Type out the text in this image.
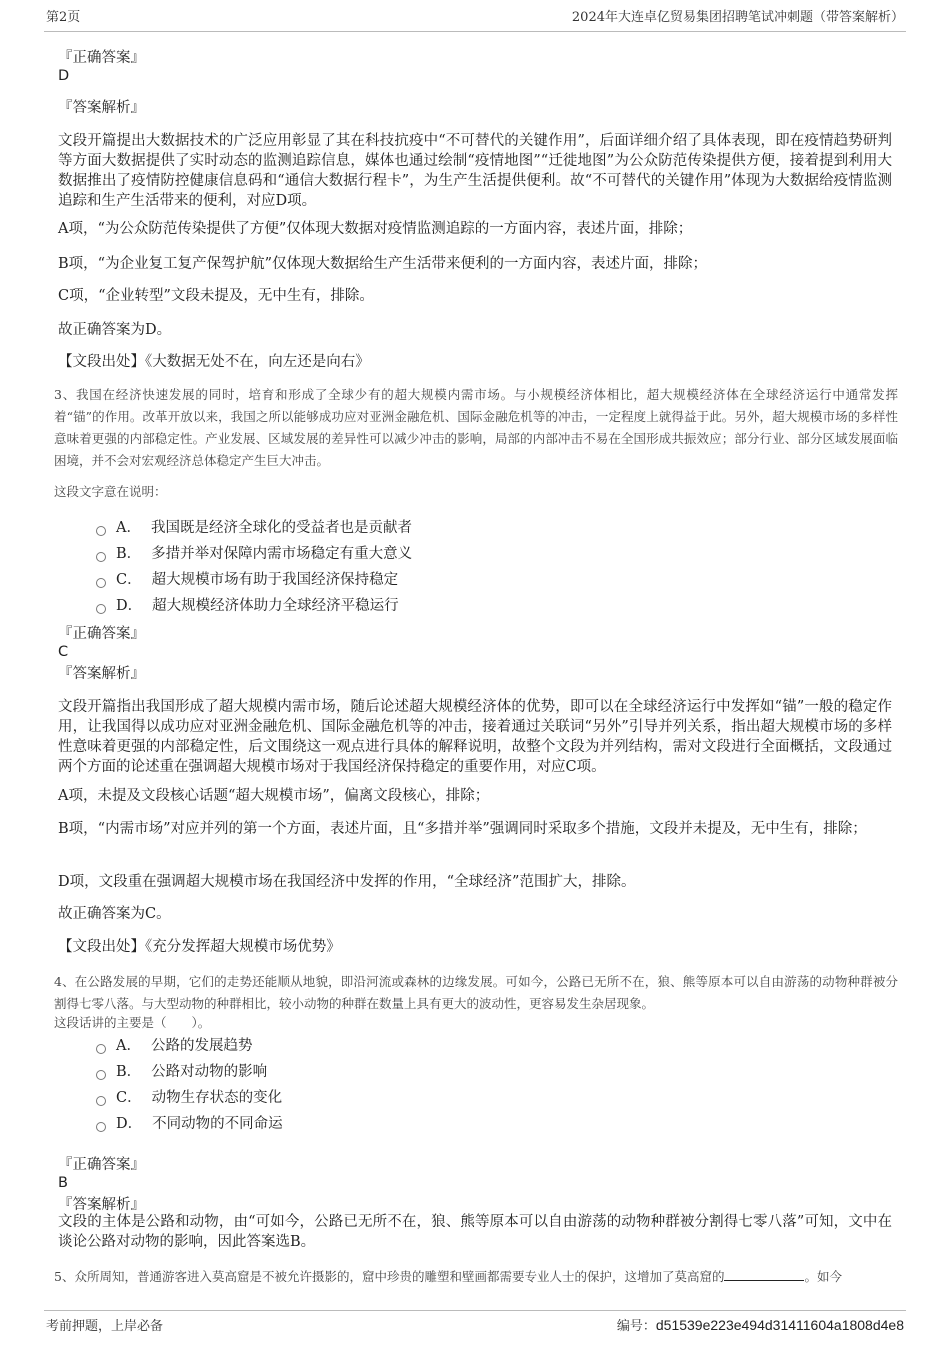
第2页	2024年大连卓亿贸易集团招聘笔试冲刺题（带答案解析）
『正确答案』
D
『答案解析』
文段开篇提出大数据技术的广泛应用彰显了其在科技抗疫中“不可替代的关键作用”，后面详细介绍了具体表现，即在疫情趋势研判等方面大数据提供了实时动态的监测追踪信息，媒体也通过绘制“疫情地图”“迁徙地图”为公众防范传染提供方便，接着提到利用大数据推出了疫情防控健康信息码和“通信大数据行程卡”，为生产生活提供便利。故“不可替代的关键作用”体现为大数据给疫情监测追踪和生产生活带来的便利，对应D项。
A项，“为公众防范传染提供了方便”仅体现大数据对疫情监测追踪的一方面内容，表述片面，排除；
B项，“为企业复工复产保驾护航”仅体现大数据给生产生活带来便利的一方面内容，表述片面，排除；
C项，“企业转型”文段未提及，无中生有，排除。
故正确答案为D。
【文段出处】《大数据无处不在，向左还是向右》
3、我国在经济快速发展的同时，培育和形成了全球少有的超大规模内需市场。与小规模经济体相比，超大规模经济体在全球经济运行中通常发挥着“锚”的作用。改革开放以来，我国之所以能够成功应对亚洲金融危机、国际金融危机等的冲击，一定程度上就得益于此。另外，超大规模市场的多样性意味着更强的内部稳定性。产业发展、区域发展的差异性可以减少冲击的影响，局部的内部冲击不易在全国形成共振效应；部分行业、部分区域发展面临困境，并不会对宏观经济总体稳定产生巨大冲击。
这段文字意在说明：
A． 我国既是经济全球化的受益者也是贡献者
B． 多措并举对保障内需市场稳定有重大意义
C． 超大规模市场有助于我国经济保持稳定
D． 超大规模经济体助力全球经济平稳运行
『正确答案』
C
『答案解析』
文段开篇指出我国形成了超大规模内需市场，随后论述超大规模经济体的优势，即可以在全球经济运行中发挥如“锚”一般的稳定作用，让我国得以成功应对亚洲金融危机、国际金融危机等的冲击，接着通过关联词“另外”引导并列关系，指出超大规模市场的多样性意味着更强的内部稳定性，后文围绕这一观点进行具体的解释说明，故整个文段为并列结构，需对文段进行全面概括，文段通过两个方面的论述重在强调超大规模市场对于我国经济保持稳定的重要作用，对应C项。
A项，未提及文段核心话题“超大规模市场”，偏离文段核心，排除；
B项，“内需市场”对应并列的第一个方面，表述片面，且“多措并举”强调同时采取多个措施，文段并未提及，无中生有，排除；
D项，文段重在强调超大规模市场在我国经济中发挥的作用，“全球经济”范围扩大，排除。
故正确答案为C。
【文段出处】《充分发挥超大规模市场优势》
4、在公路发展的早期，它们的走势还能顺从地貌，即沿河流或森林的边缘发展。可如今，公路已无所不在，狼、熊等原本可以自由游荡的动物种群被分割得七零八落。与大型动物的种群相比，较小动物的种群在数量上具有更大的波动性，更容易发生杂居现象。
这段话讲的主要是（　　）。
A． 公路的发展趋势
B． 公路对动物的影响
C． 动物生存状态的变化
D． 不同动物的不同命运
『正确答案』
B
『答案解析』
文段的主体是公路和动物，由“可如今，公路已无所不在，狼、熊等原本可以自由游荡的动物种群被分割得七零八落”可知，文中在谈论公路对动物的影响，因此答案选B。
5、众所周知，普通游客进入莫高窟是不被允许摄影的，窟中珍贵的雕塑和壁画都需要专业人士的保护，这增加了莫高窟的	。如今
考前押题，上岸必备	编号：d51539e223e494d31411604a1808d4e8
